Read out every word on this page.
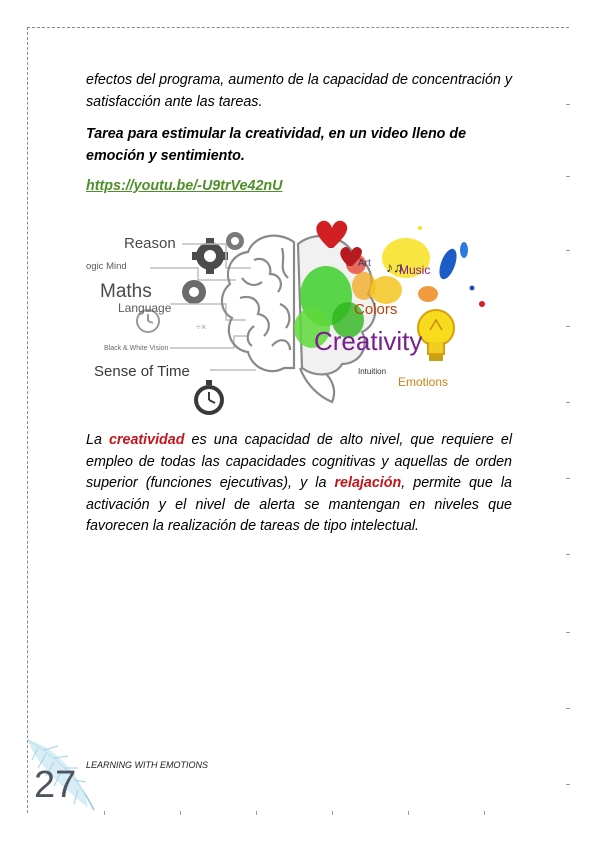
efectos del programa, aumento de la capacidad de concentración y satisfacción ante las tareas.

Tarea para estimular la creatividad, en un video lleno de emoción y sentimiento.

https://youtu.be/-U9trVe42nU
÷×
Reason
ogic Mind
Maths
Language
Black & White Vision
Sense of Time
♪♫
Art Music
Colors
Creativity
Intuition
Emotions

La creatividad es una capacidad de alto nivel, que requiere el empleo de todas las capacidades cognitivas y aquellas de orden superior (funciones ejecutivas), y la relajación, permite que la activación y el nivel de alerta se mantengan en niveles que favorecen la realización de tareas de tipo intelectual.

27 LEARNING WITH EMOTIONS
